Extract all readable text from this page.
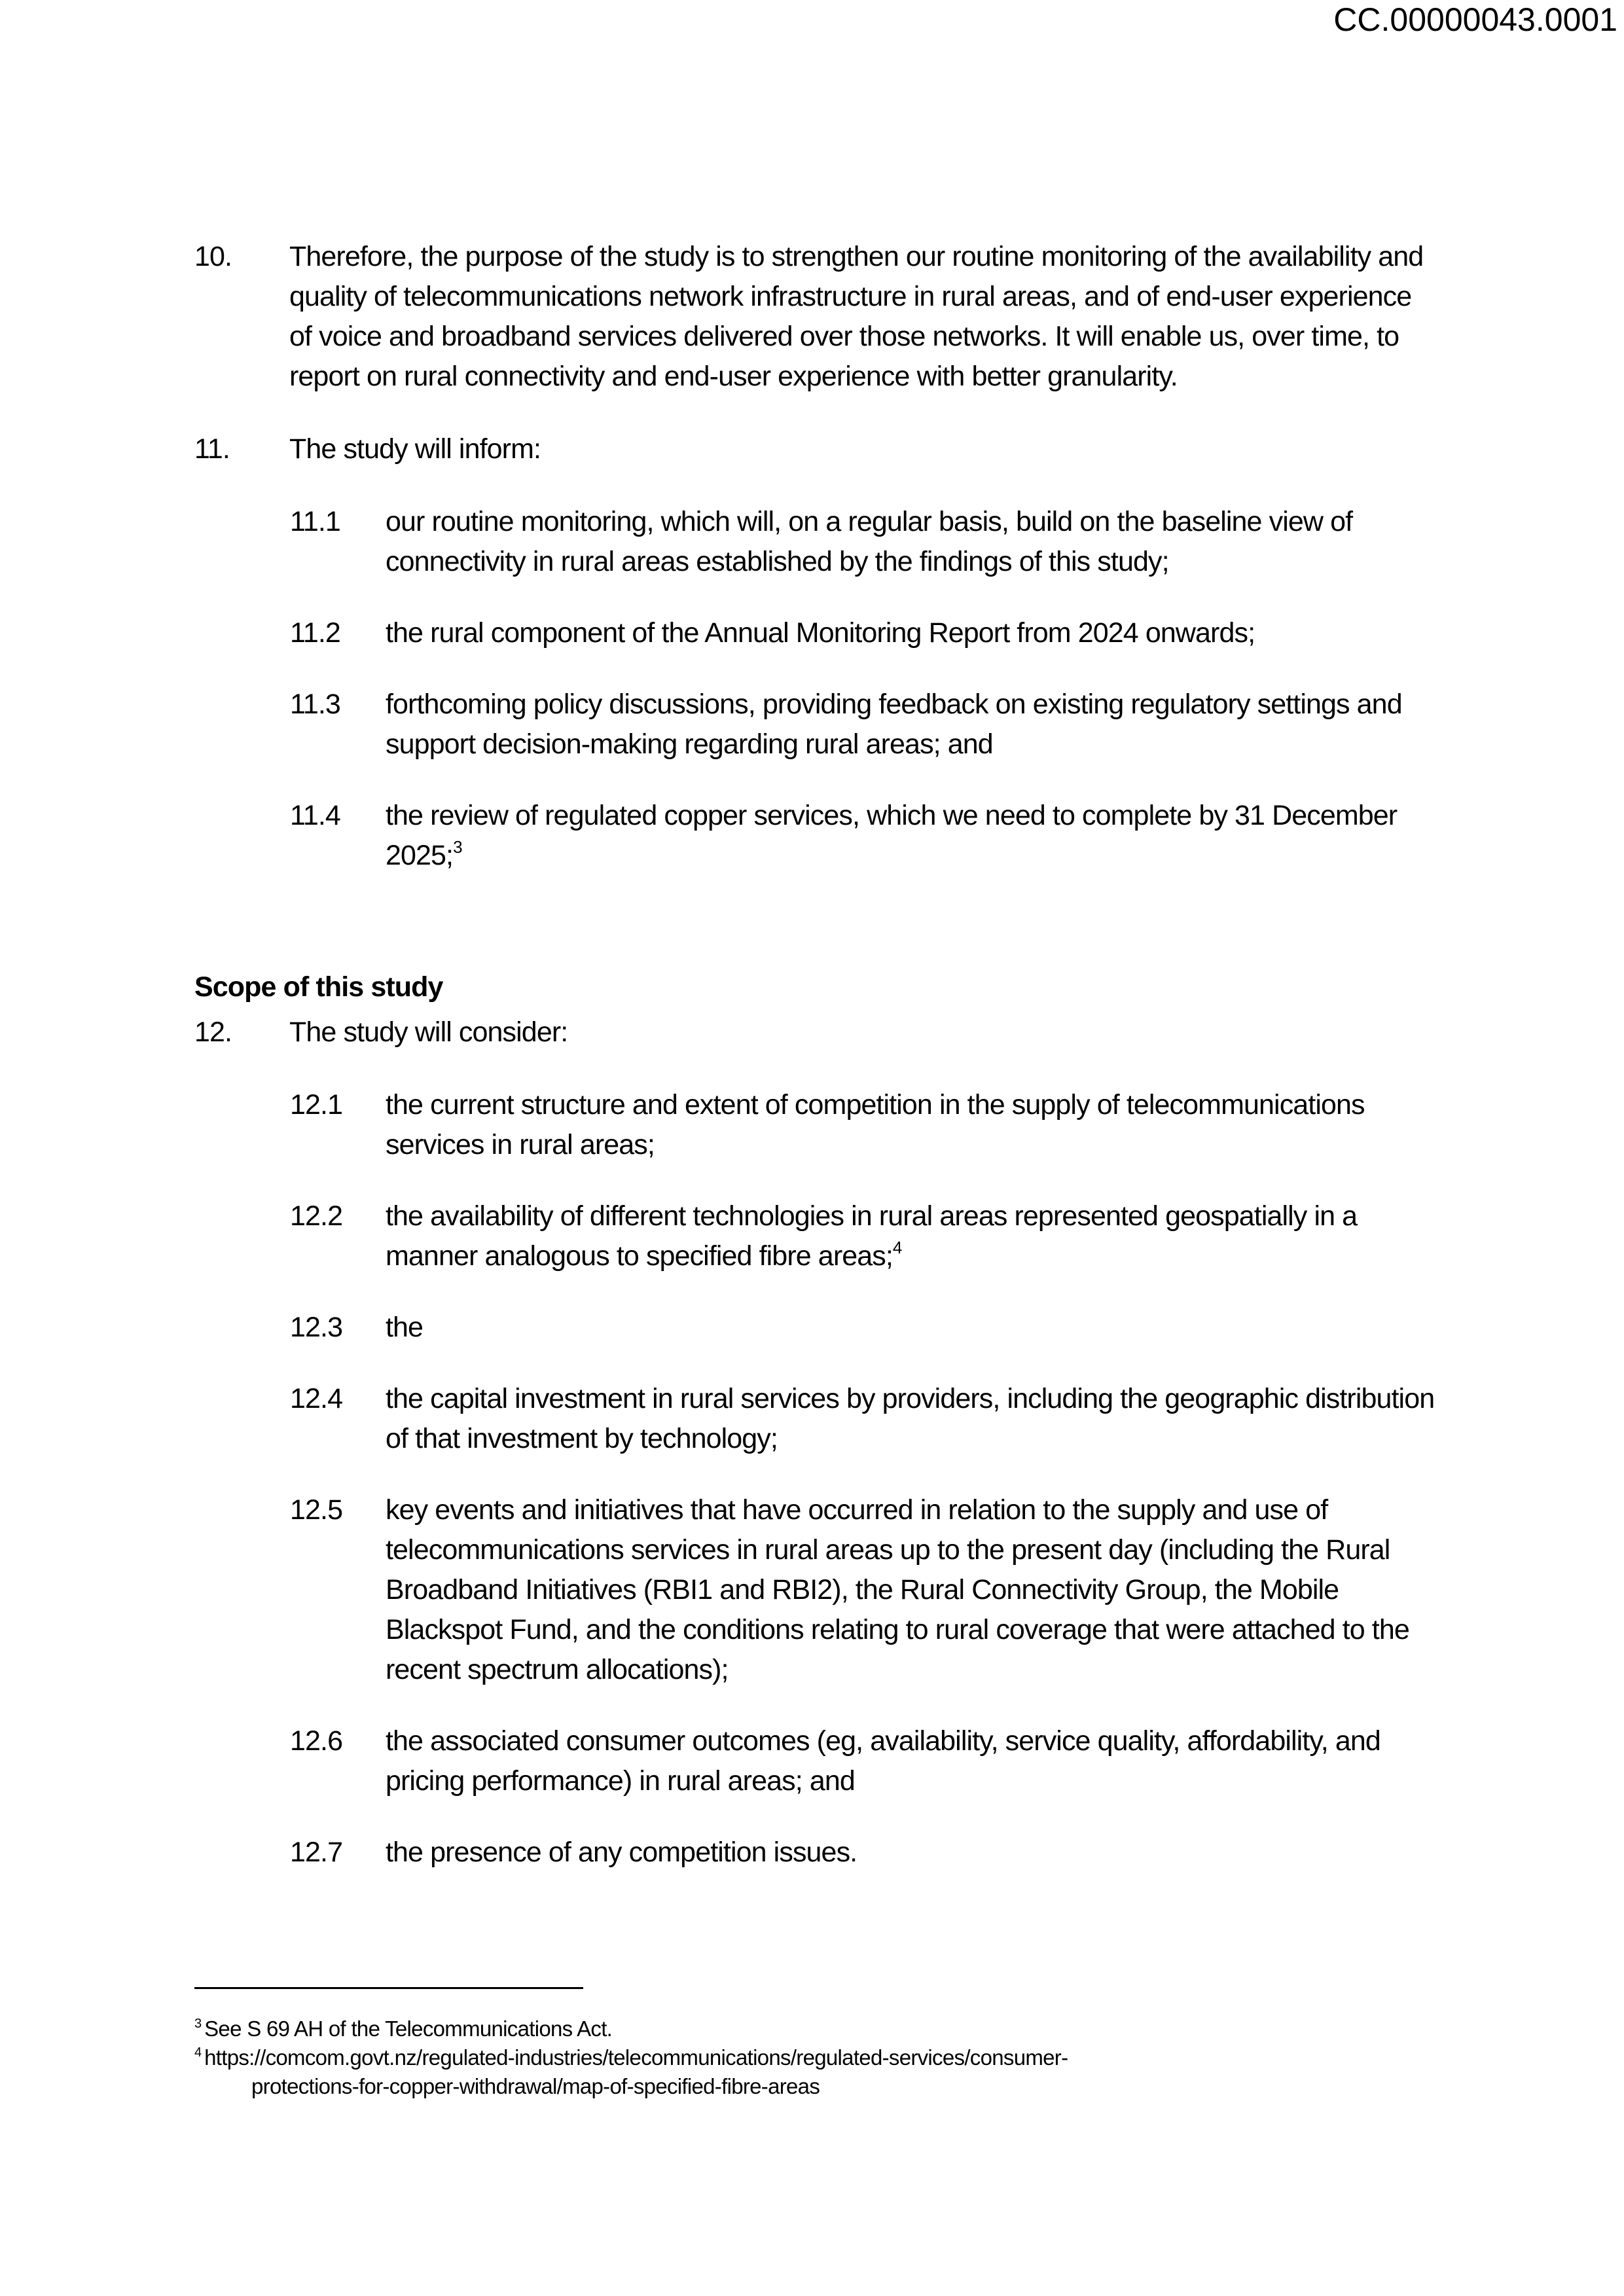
CC.00000043.0001

10. Therefore, the purpose of the study is to strengthen our routine monitoring of the availability and quality of telecommunications network infrastructure in rural areas, and of end-user experience of voice and broadband services delivered over those networks. It will enable us, over time, to report on rural connectivity and end-user experience with better granularity.

11. The study will inform:

11.1 our routine monitoring, which will, on a regular basis, build on the baseline view of connectivity in rural areas established by the findings of this study;

11.2 the rural component of the Annual Monitoring Report from 2024 onwards;

11.3 forthcoming policy discussions, providing feedback on existing regulatory settings and support decision-making regarding rural areas; and

11.4 the review of regulated copper services, which we need to complete by 31 December 2025;$^3$

Scope of this study

12. The study will consider:

12.1 the current structure and extent of competition in the supply of telecommunications services in rural areas;

12.2 the availability of different technologies in rural areas represented geospatially in a manner analogous to specified fibre areas;$^4$

12.3 the

12.4 the capital investment in rural services by providers, including the geographic distribution of that investment by technology;

12.5 key events and initiatives that have occurred in relation to the supply and use of telecommunications services in rural areas up to the present day (including the Rural Broadband Initiatives (RBI1 and RBI2), the Rural Connectivity Group, the Mobile Blackspot Fund, and the conditions relating to rural coverage that were attached to the recent spectrum allocations);

12.6 the associated consumer outcomes (eg, availability, service quality, affordability, and pricing performance) in rural areas; and

12.7 the presence of any competition issues.

$^3$ See S 69 AH of the Telecommunications Act.

$^4$ https://comcom.govt.nz/regulated-industries/telecommunications/regulated-services/consumer-

protections-for-copper-withdrawal/map-of-specified-fibre-areas
